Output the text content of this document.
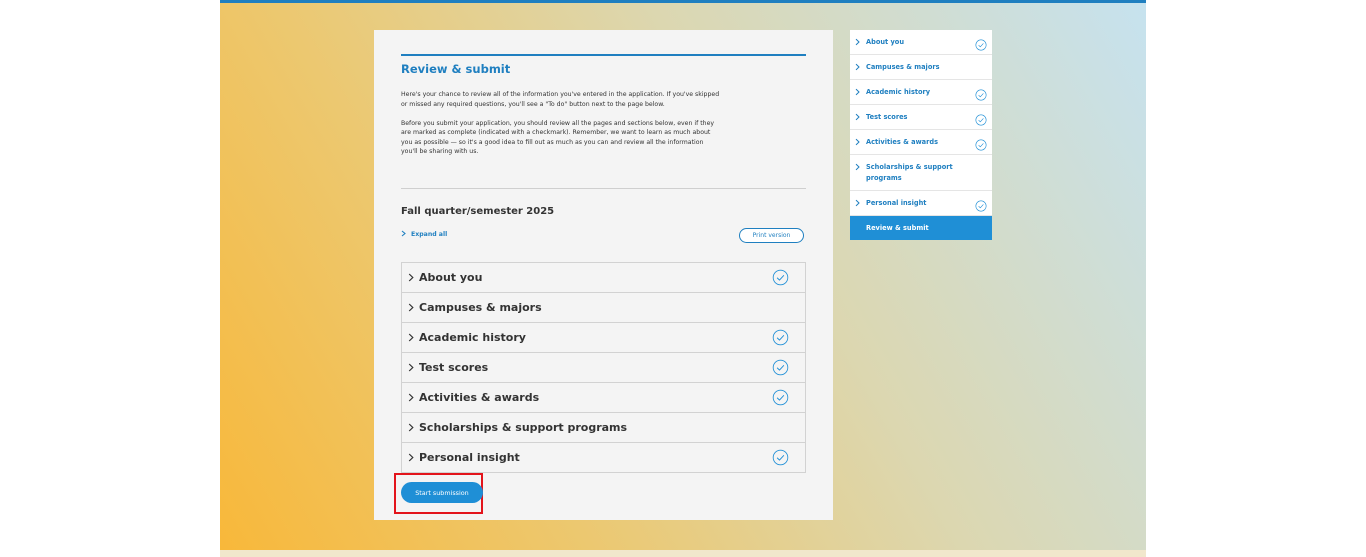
Review & submit

Here's your chance to review all of the information you've entered in the application. If you've skipped or missed any required questions, you'll see a "To do" button next to the page below.

Before you submit your application, you should review all the pages and sections below, even if they are marked as complete (indicated with a checkmark). Remember, we want to learn as much about you as possible — so it's a good idea to fill out as much as you can and review all the information you'll be sharing with us.

Fall quarter/semester 2025
Expand all	Print version
About you
Campuses & majors
Academic history
Test scores
Activities & awards
Scholarships & support programs
Personal insight
Start submission
About you
Campuses & majors
Academic history
Test scores
Activities & awards
Scholarships & support programs
Personal insight
Review & submit
